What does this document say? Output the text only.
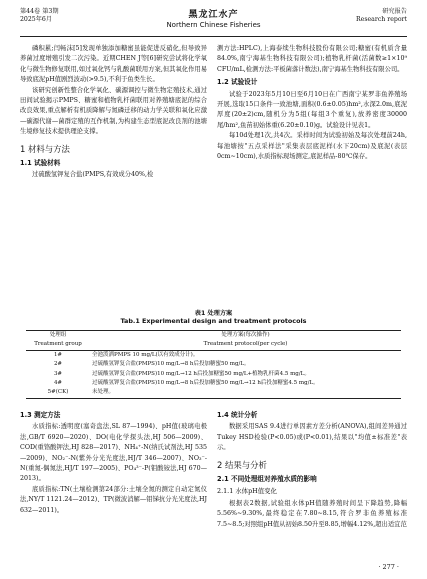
第44卷 第3期
2025年6月	黑龙江水产
Northern Chinese Fisheries
研究报告
Research report

磷积累;闫畅沫[5]发现单独添加糖蜜虽能促进反硝化,但导致异养菌过度增殖引发二次污染。近期CHEN J等[6]研究尝试将化学氧化与微生物修复联用,如过氧化钙与乳酸菌联用方案,但其氧化作用易导致底泥pH值剧烈波动(>9.5),不利于鱼类生长。

该研究创新性整合化学氧化、碳源调控与微生物定殖技术,通过田间试验揭示PMPS、糖蜜和植物乳杆菌联用对养殖塘底泥的综合改良效果,重点解析有机质降解与氮磷迁移的动力学关联和氧化应激—碳源代谢—菌群定殖的互作机制,为构建生态型底泥改良剂的池塘生境修复技术提供理论支撑。

1 材料与方法
1.1 试验材料

过硫酸氢钾复合盐(PMPS,有效成分40%,检

测方法:HPLC),上海泰续生物科技股份有限公司;糖蜜(有机质含量84.0%,南宁海基生物科技有限公司);植物乳杆菌(活菌数≥1×10⁹ CFU/mL,检测方法:平板菌落计数法),南宁海基生物科技有限公司。

1.2 试验设计

试验于2023年5月10日至6月10日在广西南宁某罗非鱼养殖场开展,选取15口条件一致池塘,面积(0.6±0.05)hm²,水深2.0m,底泥厚度(20±2)cm,随机分为5组(每组3个重复),放养密度30000尾/hm²,鱼苗初始体重(6.20±0.10)g。试验设计见表1。

每10d处理1次,共4次。采样时间为试验初始及每次处理前24h,每池塘按"五点采样法"采集表层底泥样(水下20cm)及底泥(表层0cm~10cm),水质指标现场测定,底泥样品-80℃保存。

表1 处理方案
Tab.1 Experimental design and treatment protocols
处理组	处理方案(每次操作)
Treatment group	Treatment protocol(per cycle)
1#	全池泼洒PMPS 10 mg/L(以有效成分计)。
2#	过硫酸氢钾复合盐(PMPS)10 mg/L→8 h后投加糖蜜50 mg/L。
3#	过硫酸氢钾复合盐(PMPS)10 mg/L→12 h后投加糖蜜50 mg/L+植物乳杆菌4.5 mg/L。
4#	过硫酸氢钾复合盐(PMPS)10 mg/L→8 h后投加糖蜜50 mg/L→12 h后投加糖蜜4.5 mg/L。
5#(CK)	未处理。
1.3 测定方法

水质指标:透明度(塞奇盘法,SL 87—1994)、pH值(玻璃电极法,GB/T 6920—2020)、DO(电化学探头法,HJ 506—2009)、COD(重铬酸钾法,HJ 828—2017)、NH₄⁺-N(纳氏试剂法,HJ 535—2009)、NO₂⁻-N(紫外分光光度法,HJ/T 346—2007)、NO₃⁻-N(重氮-偶氮法,HJ/T 197—2005)、PO₄³⁻-P(钼酸铵法,HJ 670—2013)。

底质指标:TN(土壤检测第24部分:土壤全氮的测定自动定氮仪法,NY/T 1121.24—2012)、TP(微波消解—钼锑抗分光光度法,HJ 632—2011)。

1.4 统计分析

数据采用SAS 9.4进行单因素方差分析(ANOVA),组间差异通过Tukey HSD检验(P<0.05)或(P<0.01),结果以"均值±标准差"表示。

2 结果与分析
2.1 不同处理组对养殖水质的影响
2.1.1 水体pH值变化

根据表2数据,试验组水体pH值随养殖时间呈下降趋势,降幅5.56%~9.30%,最终稳定在7.80~8.15,符合罗非鱼养殖标准7.5~8.5;对照组pH值从初始8.50升至8.85,增幅4.12%,超出适宜范

· 277 ·
